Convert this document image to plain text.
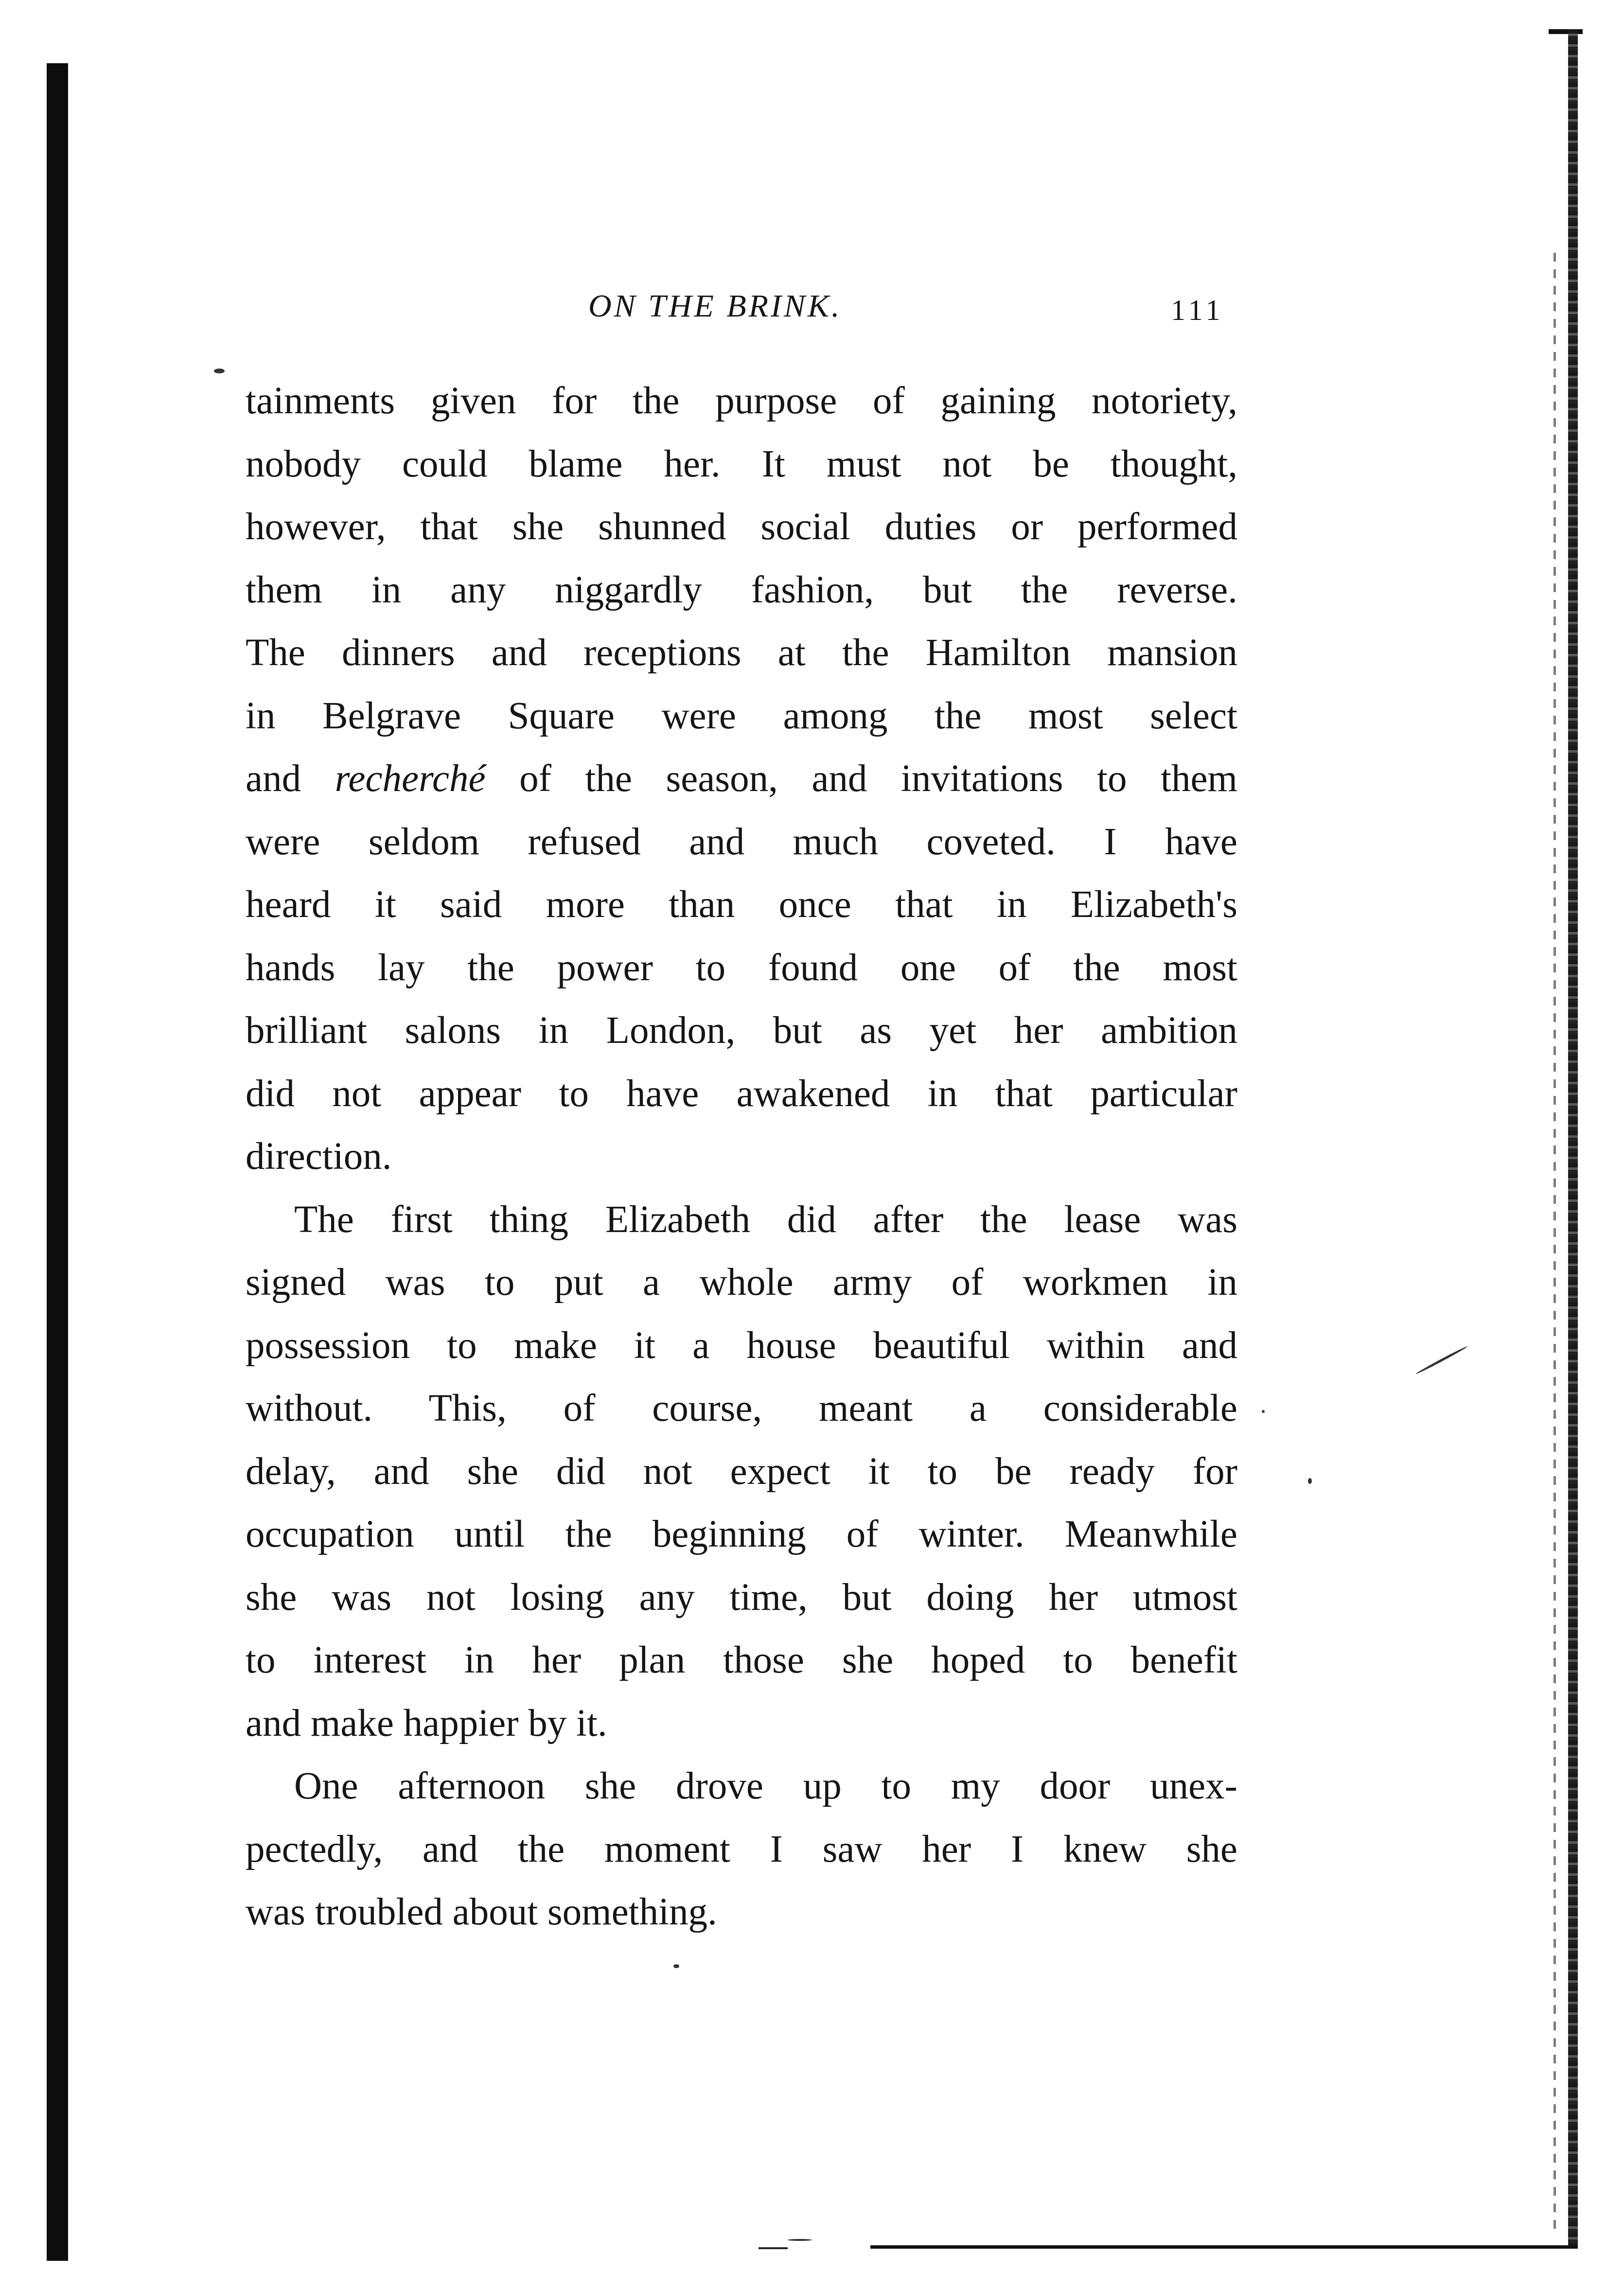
ON THE BRINK.	111
tainments given for the purpose of gaining notoriety,
nobody could blame her. It must not be thought,
however, that she shunned social duties or performed
them in any niggardly fashion, but the reverse.
The dinners and receptions at the Hamilton mansion
in Belgrave Square were among the most select
and recherché of the season, and invitations to them
were seldom refused and much coveted. I have
heard it said more than once that in Elizabeth's
hands lay the power to found one of the most
brilliant salons in London, but as yet her ambition
did not appear to have awakened in that particular
direction.
The first thing Elizabeth did after the lease was
signed was to put a whole army of workmen in
possession to make it a house beautiful within and
without. This, of course, meant a considerable
delay, and she did not expect it to be ready for
occupation until the beginning of winter. Meanwhile
she was not losing any time, but doing her utmost
to interest in her plan those she hoped to benefit
and make happier by it.
One afternoon she drove up to my door unex-
pectedly, and the moment I saw her I knew she
was troubled about something.
